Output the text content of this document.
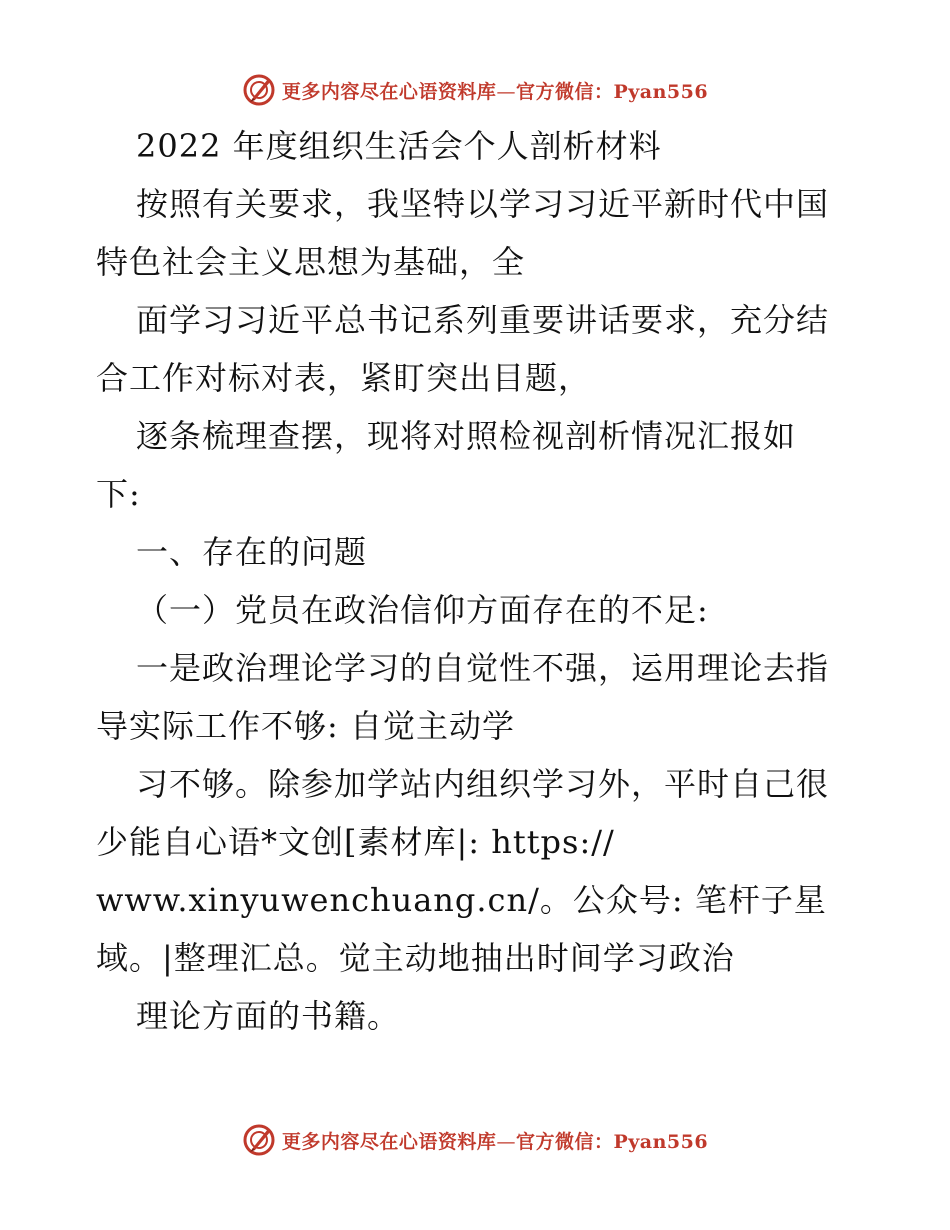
更多内容尽在心语资料库—官方微信：Pyan556
2022 年度组织生活会个人剖析材料
按照有关要求，我坚特以学习习近平新时代中国
特色社会主义思想为基础，全
面学习习近平总书记系列重要讲话要求，充分结
合工作对标对表，紧盯突出目题，
逐条梳理查摆，现将对照检视剖析情况汇报如
下:
一、存在的问题
（一）党员在政治信仰方面存在的不足:
一是政治理论学习的自觉性不强，运用理论去指
导实际工作不够: 自觉主动学
习不够。除参加学站内组织学习外，平时自己很
少能自心语*文创[素材库|: https://
www.xinyuwenchuang.cn/。公众号: 笔杆子星
域。|整理汇总。觉主动地抽出时间学习政治
理论方面的书籍。
更多内容尽在心语资料库—官方微信：Pyan556
